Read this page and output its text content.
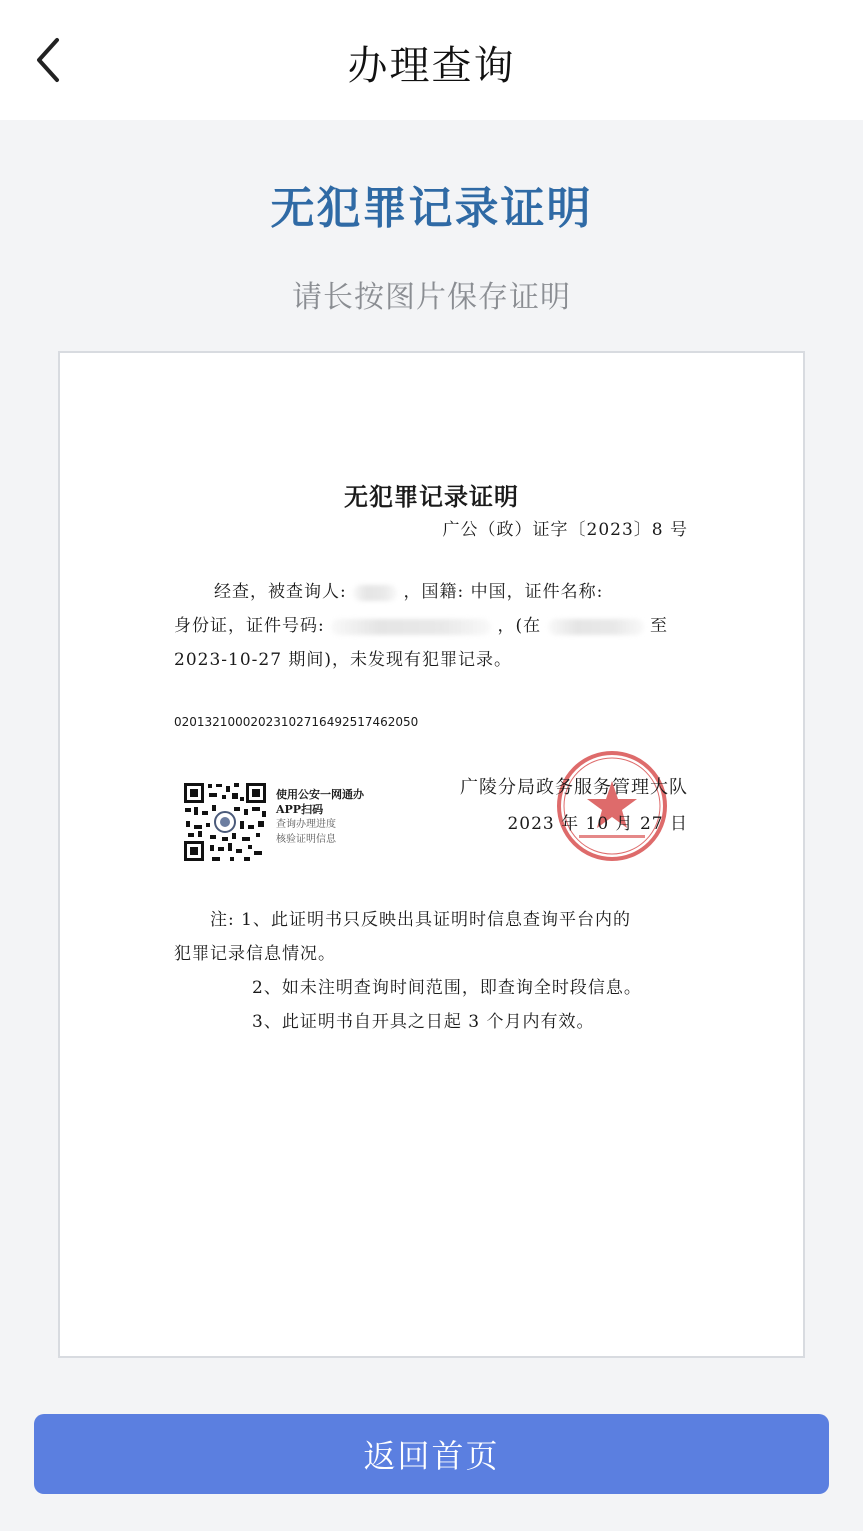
办理查询
无犯罪记录证明
请长按图片保存证明
无犯罪记录证明
广公（政）证字〔2023〕8 号
经查，被查询人:	，国籍: 中国，证件名称:
身份证，证件号码:	，(在	至
2023-10-27 期间)，未发现有犯罪记录。
02013210002023102716492517462050
使用公安一网通办
APP扫码
查询办理进度
核验证明信息
广陵分局政务服务管理大队
2023 年 10 月 27 日
注: 1、此证明书只反映出具证明时信息查询平台内的
犯罪记录信息情况。
2、如未注明查询时间范围，即查询全时段信息。
3、此证明书自开具之日起 3 个月内有效。
返回首页
